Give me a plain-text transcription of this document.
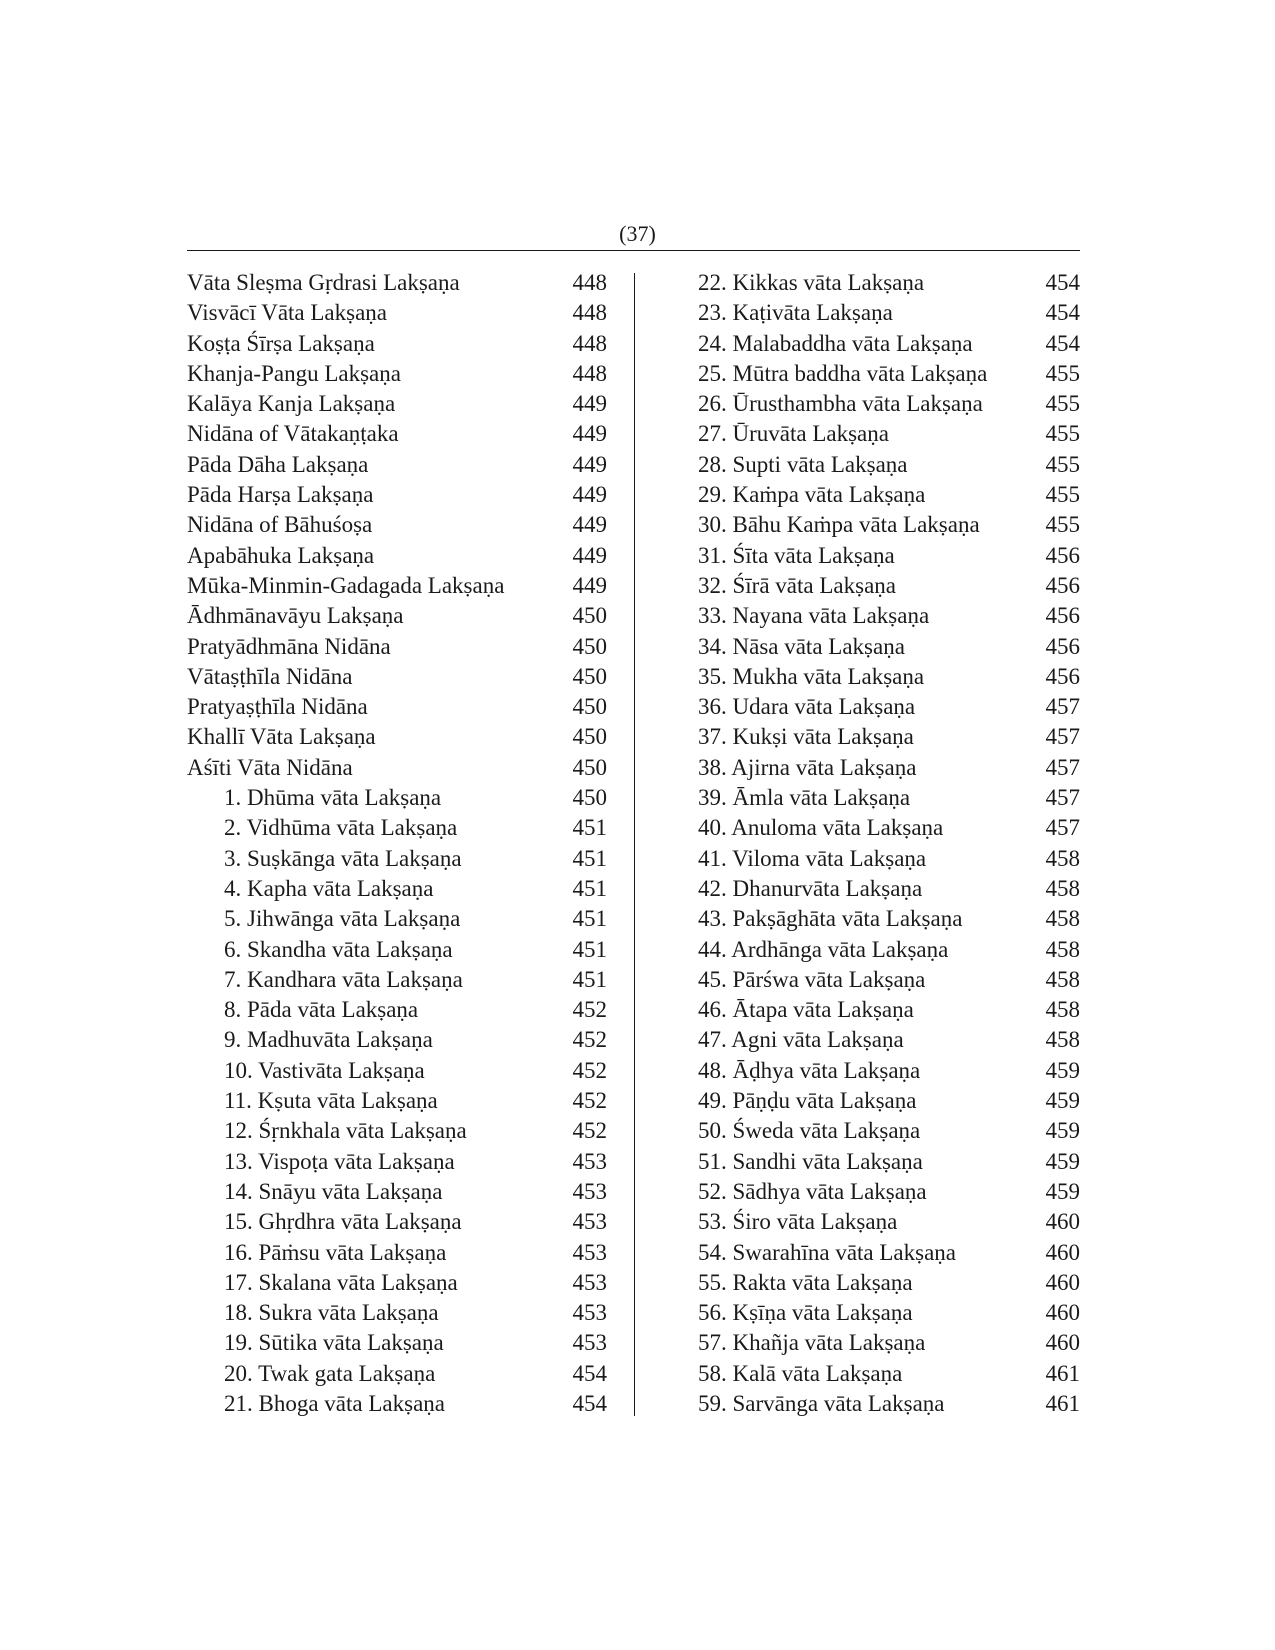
(37)
Vāta Sleṣma Gṛdrasi Lakṣaṇa	448
Visvācī Vāta Lakṣaṇa	448
Koṣṭa Śīrṣa Lakṣaṇa	448
Khanja-Pangu Lakṣaṇa	448
Kalāya Kanja Lakṣaṇa	449
Nidāna of Vātakaṇṭaka	449
Pāda Dāha Lakṣaṇa	449
Pāda Harṣa Lakṣaṇa	449
Nidāna of Bāhuśoṣa	449
Apabāhuka Lakṣaṇa	449
Mūka-Minmin-Gadagada Lakṣaṇa	449
Ādhmānavāyu Lakṣaṇa	450
Pratyādhmāna Nidāna	450
Vātaṣṭhīla Nidāna	450
Pratyaṣṭhīla Nidāna	450
Khallī Vāta Lakṣaṇa	450
Aśīti Vāta Nidāna	450
1. Dhūma vāta Lakṣaṇa	450
2. Vidhūma vāta Lakṣaṇa	451
3. Suṣkānga vāta Lakṣaṇa	451
4. Kapha vāta Lakṣaṇa	451
5. Jihwānga vāta Lakṣaṇa	451
6. Skandha vāta Lakṣaṇa	451
7. Kandhara vāta Lakṣaṇa	451
8. Pāda vāta Lakṣaṇa	452
9. Madhuvāta Lakṣaṇa	452
10. Vastivāta Lakṣaṇa	452
11. Kṣuta vāta Lakṣaṇa	452
12. Śṛnkhala vāta Lakṣaṇa	452
13. Vispoṭa vāta Lakṣaṇa	453
14. Snāyu vāta Lakṣaṇa	453
15. Ghṛdhra vāta Lakṣaṇa	453
16. Pāṁsu vāta Lakṣaṇa	453
17. Skalana vāta Lakṣaṇa	453
18. Sukra vāta Lakṣaṇa	453
19. Sūtika vāta Lakṣaṇa	453
20. Twak gata Lakṣaṇa	454
21. Bhoga vāta Lakṣaṇa	454
22. Kikkas vāta Lakṣaṇa	454
23. Kaṭivāta Lakṣaṇa	454
24. Malabaddha vāta Lakṣaṇa	454
25. Mūtra baddha vāta Lakṣaṇa	455
26. Ūrusthambha vāta Lakṣaṇa	455
27. Ūruvāta Lakṣaṇa	455
28. Supti vāta Lakṣaṇa	455
29. Kaṁpa vāta Lakṣaṇa	455
30. Bāhu Kaṁpa vāta Lakṣaṇa	455
31. Śīta vāta Lakṣaṇa	456
32. Śīrā vāta Lakṣaṇa	456
33. Nayana vāta Lakṣaṇa	456
34. Nāsa vāta Lakṣaṇa	456
35. Mukha vāta Lakṣaṇa	456
36. Udara vāta Lakṣaṇa	457
37. Kukṣi vāta Lakṣaṇa	457
38. Ajirna vāta Lakṣaṇa	457
39. Āmla vāta Lakṣaṇa	457
40. Anuloma vāta Lakṣaṇa	457
41. Viloma vāta Lakṣaṇa	458
42. Dhanurvāta Lakṣaṇa	458
43. Pakṣāghāta vāta Lakṣaṇa	458
44. Ardhānga vāta Lakṣaṇa	458
45. Pārśwa vāta Lakṣaṇa	458
46. Ātapa vāta Lakṣaṇa	458
47. Agni vāta Lakṣaṇa	458
48. Āḍhya vāta Lakṣaṇa	459
49. Pāṇḍu vāta Lakṣaṇa	459
50. Śweda vāta Lakṣaṇa	459
51. Sandhi vāta Lakṣaṇa	459
52. Sādhya vāta Lakṣaṇa	459
53. Śiro vāta Lakṣaṇa	460
54. Swarahīna vāta Lakṣaṇa	460
55. Rakta vāta Lakṣaṇa	460
56. Kṣīṇa vāta Lakṣaṇa	460
57. Khañja vāta Lakṣaṇa	460
58. Kalā vāta Lakṣaṇa	461
59. Sarvānga vāta Lakṣaṇa	461
